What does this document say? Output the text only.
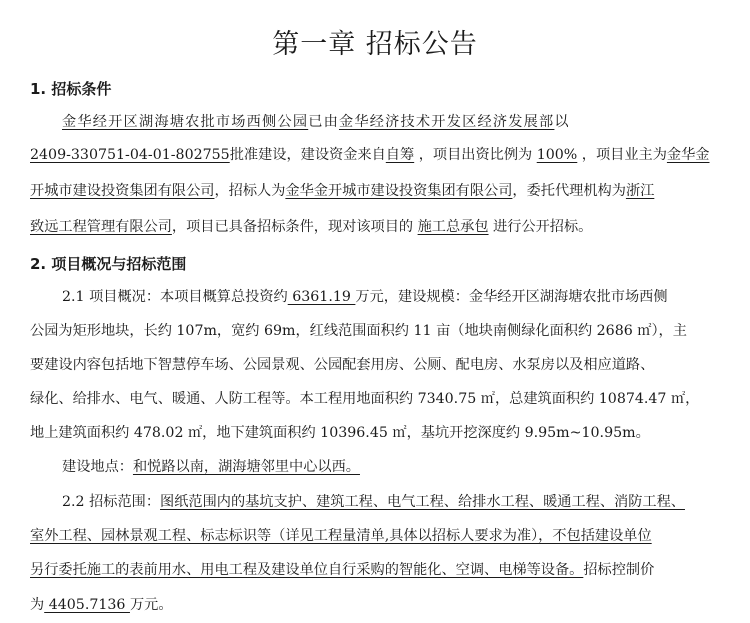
第一章 招标公告
1. 招标条件
金华经开区湖海塘农批市场西侧公园已由金华经济技术开发区经济发展部以
2409-330751-04-01-802755批准建设，建设资金来自自筹 ，项目出资比例为 100% ，项目业主为金华金
开城市建设投资集团有限公司，招标人为金华金开城市建设投资集团有限公司，委托代理机构为浙江
致远工程管理有限公司，项目已具备招标条件，现对该项目的 施工总承包 进行公开招标。
2. 项目概况与招标范围
2.1 项目概况：本项目概算总投资约 6361.19 万元，建设规模：金华经开区湖海塘农批市场西侧
公园为矩形地块，长约 107m，宽约 69m，红线范围面积约 11 亩（地块南侧绿化面积约 2686 ㎡），主
要建设内容包括地下智慧停车场、公园景观、公园配套用房、公厕、配电房、水泵房以及相应道路、
绿化、给排水、电气、暖通、人防工程等。本工程用地面积约 7340.75 ㎡，总建筑面积约 10874.47 ㎡，
地上建筑面积约 478.02 ㎡，地下建筑面积约 10396.45 ㎡，基坑开挖深度约 9.95m~10.95m。
建设地点：和悦路以南，湖海塘邻里中心以西。
2.2 招标范围：图纸范围内的基坑支护、建筑工程、电气工程、给排水工程、暖通工程、消防工程、
室外工程、园林景观工程、标志标识等（详见工程量清单,具体以招标人要求为准），不包括建设单位
另行委托施工的表前用水、用电工程及建设单位自行采购的智能化、空调、电梯等设备。招标控制价
为 4405.7136 万元。
